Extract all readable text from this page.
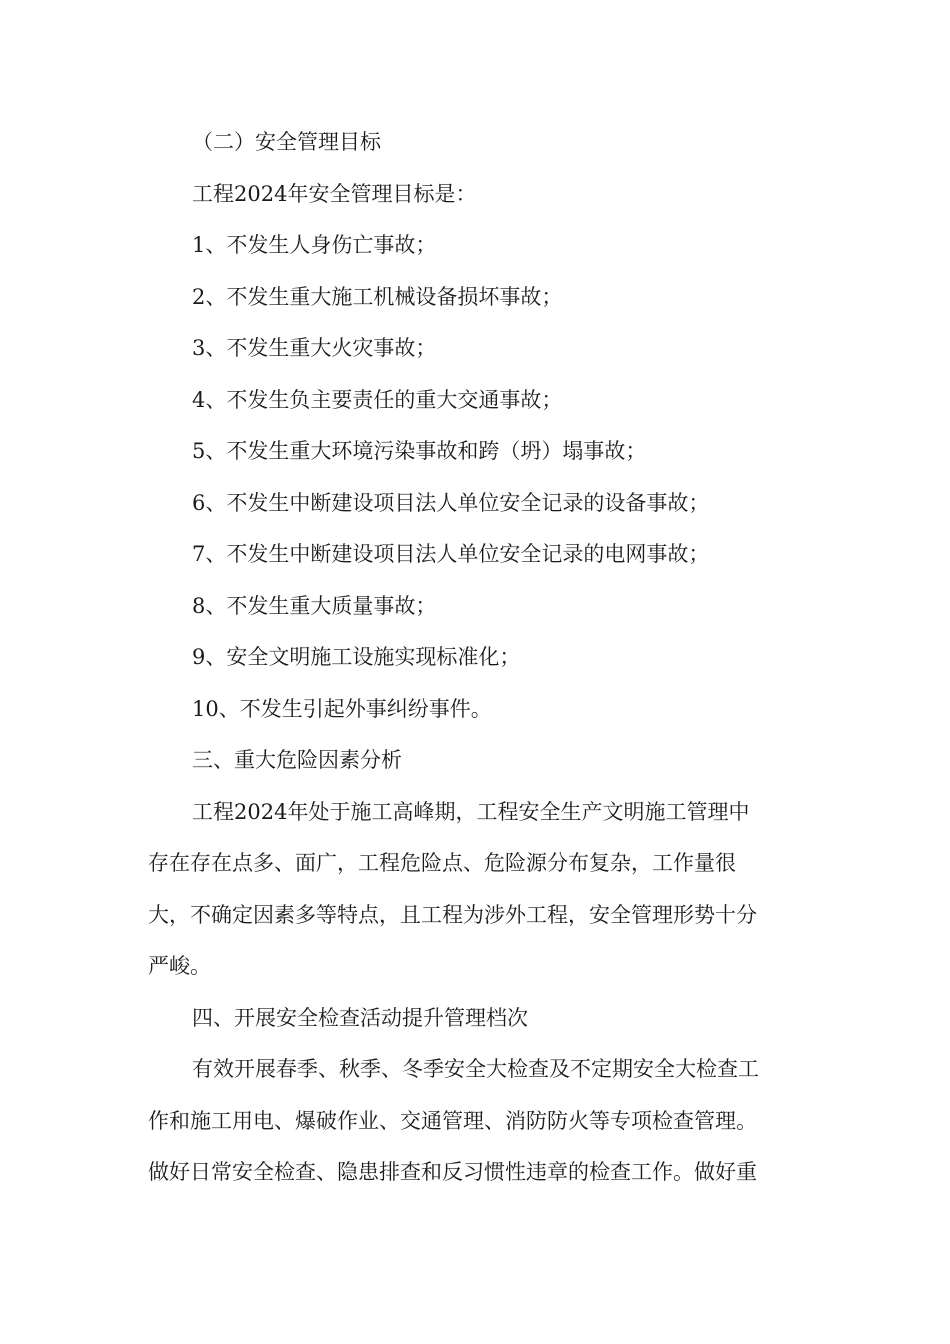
（二）安全管理目标

工程2024年安全管理目标是：

1、不发生人身伤亡事故；

2、不发生重大施工机械设备损坏事故；

3、不发生重大火灾事故；

4、不发生负主要责任的重大交通事故；

5、不发生重大环境污染事故和跨（坍）塌事故；

6、不发生中断建设项目法人单位安全记录的设备事故；

7、不发生中断建设项目法人单位安全记录的电网事故；

8、不发生重大质量事故；

9、安全文明施工设施实现标准化；

10、不发生引起外事纠纷事件。

三、重大危险因素分析

工程2024年处于施工高峰期，工程安全生产文明施工管理中

存在存在点多、面广，工程危险点、危险源分布复杂，工作量很

大，不确定因素多等特点，且工程为涉外工程，安全管理形势十分

严峻。

四、开展安全检查活动提升管理档次

有效开展春季、秋季、冬季安全大检查及不定期安全大检查工

作和施工用电、爆破作业、交通管理、消防防火等专项检查管理。

做好日常安全检查、隐患排查和反习惯性违章的检查工作。做好重
